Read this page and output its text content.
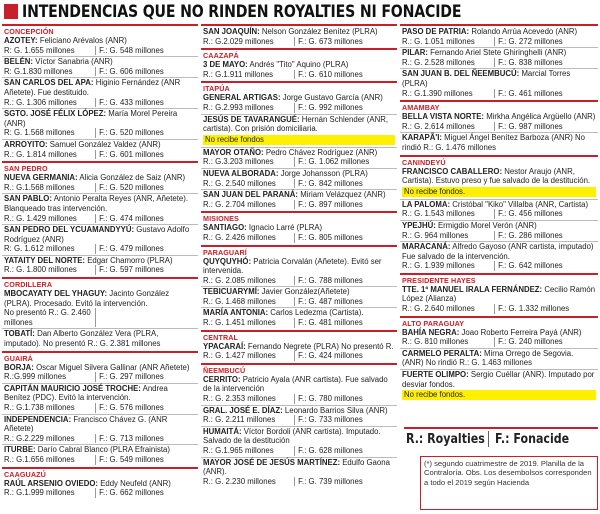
INTENDENCIAS QUE NO RINDEN ROYALTIES NI FONACIDE
CONCEPCIÓN
AZOTEY: Feliciano Arévalos (ANR)
R: G. 1.655 millones	F.: G. 548 millones
BELÉN: Víctor Sanabria (ANR)
R: G.1.830 millones	F.: G. 606 millones
SAN CARLOS DEL APA: Higinio Fernández (ANR Añetete). Fue destituido.
R.: G. 1.306 millones	F.: G. 433 millones
SGTO. JOSÉ FÉLIX LÓPEZ: María Morel Pereira (ANR)
R: G. 1.568 millones	F.: G. 520 millones
ARROYITO: Samuel González Valdez (ANR)
R.: G. 1.814 millones	F.: G. 601 millones
SAN PEDRO
NUEVA GERMANIA: Alicia González de Saiz (ANR)
R.: G.1.568 millones	F.: G. 520 millones
SAN PABLO: Antonio Peralta Reyes (ANR, Añetete). Blanqueado tras intervención.
R.: G. 1.429 millones	F.: G. 474 millones
SAN PEDRO DEL YCUAMANDYYÚ: Gustavo Adolfo Rodríguez (ANR)
R: G. 1.612 millones	F.: G. 479 millones
YATAITY DEL NORTE: Edgar Chamorro (PLRA)
R.: G. 1.800 millones	F.: G. 597 millones
CORDILLERA
MBOCAYATY DEL YHAGUY: Jacinto González (PLRA). Procesado. Evitó la intervención.
No presentó R.: G. 2.460 millones
TOBATÍ: Dan Alberto González Vera (PLRA, imputado). No presentó R.: G. 2.381 millones
GUAIRÁ
BORJA: Oscar Miguel Silvera Gallinar (ANR Añetete)
R.:G.999 millones	F.: G. 297 millones
CAPITÁN MAURICIO JOSÉ TROCHE: Andrea Benítez (PDC). Evitó la intervención.
R.: G.1.738 millones	F.: G. 576 millones
INDEPENDENCIA: Francisco Chávez G. (ANR Añetete)
R.: G.2.229 millones	F.: G. 713 millones
ITURBE: Darío Cabral Blanco (PLRA Efrainista)
R.: G.1.656 millones	F.: G. 549 millones
CAAGUAZÚ
RAÚL ARSENIO OVIEDO: Eddy Neufeld (ANR)
R.: G.1.999 millones	F.: G. 662 millones
SAN JOAQUÍN: Nelson González Benítez (PLRA)
R.: G.2.029 millones	F.: G. 673 millones
CAAZAPÁ
3 DE MAYO: Andrés "Tito" Aquino (PLRA)
R.: G.1.911 millones	F.: G. 610 millones
ITAPÚA
GENERAL ARTIGAS: Jorge Gustavo García (ANR)
R.: G.2.993 millones	F.: G. 992 millones
JESÚS DE TAVARANGUÉ: Hernán Schlender (ANR, cartista). Con prisión domiciliaria.
No recibe fondos
MAYOR OTAÑO: Pedro Chávez Rodríguez (ANR)
R.: G.3.203 millones	F.: G. 1.062 millones
NUEVA ALBORADA: Jorge Johansson (PLRA)
R.: G. 2.540 millones	F.: G. 842 millones
SAN JUAN DEL PARANÁ: Miriam Velázquez (ANR)
R.: G. 2.704 millones	F.: G. 897 millones
MISIONES
SANTIAGO: Ignacio Larré (PLRA)
R.: G. 2.426 millones	F.: G. 805 millones
PARAGUARÍ
QUYQUYHÓ: Patricia Corvalán (Añetete). Evitó ser intervenida.
R.: G. 2.085 millones	F.: G. 788 millones
TEBICUARYMÍ: Javier González(Añetete)
R.: G. 1.468 millones	F.: G. 487 millones
MARÍA ANTONIA: Carlos Ledezma (Cartista).
R.: G. 1.451 millones	F.: G. 481 millones
CENTRAL
YPACARAÍ: Fernando Negrete (PLRA) No presentó R.
R.: G. 1.427 millones	F.: G. 424 millones
ÑEEMBUCÚ
CERRITO: Patricio Ayala (ANR cartista). Fue salvado de la intervención
R.: G. 2.353 millones	F.: G. 780 millones
GRAL. JOSÉ E. DÍAZ: Leonardo Barrios Silva (ANR)
R.: G. 2.211 millones	F.: G. 733 millones
HUMAITÁ: Víctor Bordoli (ANR cartista). Imputado. Salvado de la destitución
R.: G.1.965 millones	F.: G. 628 millones
MAYOR JOSÉ DE JESÚS MARTÍNEZ: Edulfo Gaona (ANR).
R.: G. 2.230 millones	F.: G. 739 millones
PASO DE PATRIA: Rolando Arrúa Acevedo (ANR)
R.: G. 1.051 millones	F.: G. 272 millones
PILAR: Fernando Ariel Stete Ghiringhelli (ANR)
R.: G. 2.528 millones	F.: G. 838 millones
SAN JUAN B. DEL ÑEEMBUCÚ: Marcial Torres (PLRA)
R.: G.1.390 millones	F.: G. 461 millones
AMAMBAY
BELLA VISTA NORTE: Mirkha Angélica Argüello (ANR)
R.: G. 2.614 millones	F.: G. 987 millones
KARAPÃ'I: Miguel Ángel Benítez Barboza (ANR) No rindió R.: G. 1.476 millones
CANINDEYÚ
FRANCISCO CABALLERO: Nestor Araujo (ANR, Cartista). Estuvo preso y fue salvado de la destitución.
No recibe fondos.
LA PALOMA: Cristóbal "Kiko" Villalba (ANR, Cartista)
R.: G. 1.543 millones	F.: G. 456 millones
YPEJHÚ: Ermigdio Morel Verón (ANR)
R.: G. 964 millones	F.: G. 286 millones
MARACANÁ: Alfredo Gayoso (ANR cartista, imputado) Fue salvado de la intervención.
R.: G. 1.939 millones	F.: G. 642 millones
PRESIDENTE HAYES
TTE. 1º MANUEL IRALA FERNÁNDEZ: Cecilio Ramón López (Alianza)
R.: G. 2.640 millones	F.: G. 1.332 millones
ALTO PARAGUAY
BAHÍA NEGRA: Joao Roberto Ferreira Payá (ANR)
R.: G. 810 millones	F.: G. 240 millones
CARMELO PERALTA: Mirna Orrego de Segovia. (ANR) No rindió R.: G. 1.463 millones
FUERTE OLIMPO: Sergio Cuéllar (ANR). Imputado por desviar fondos.
No recibe fondos.
R.: Royalties F.: Fonacide
(*) segundo cuatrimestre de 2019. Planilla de la Contraloría. Obs. Los desembolsos corresponden a todo el 2019 según Hacienda
